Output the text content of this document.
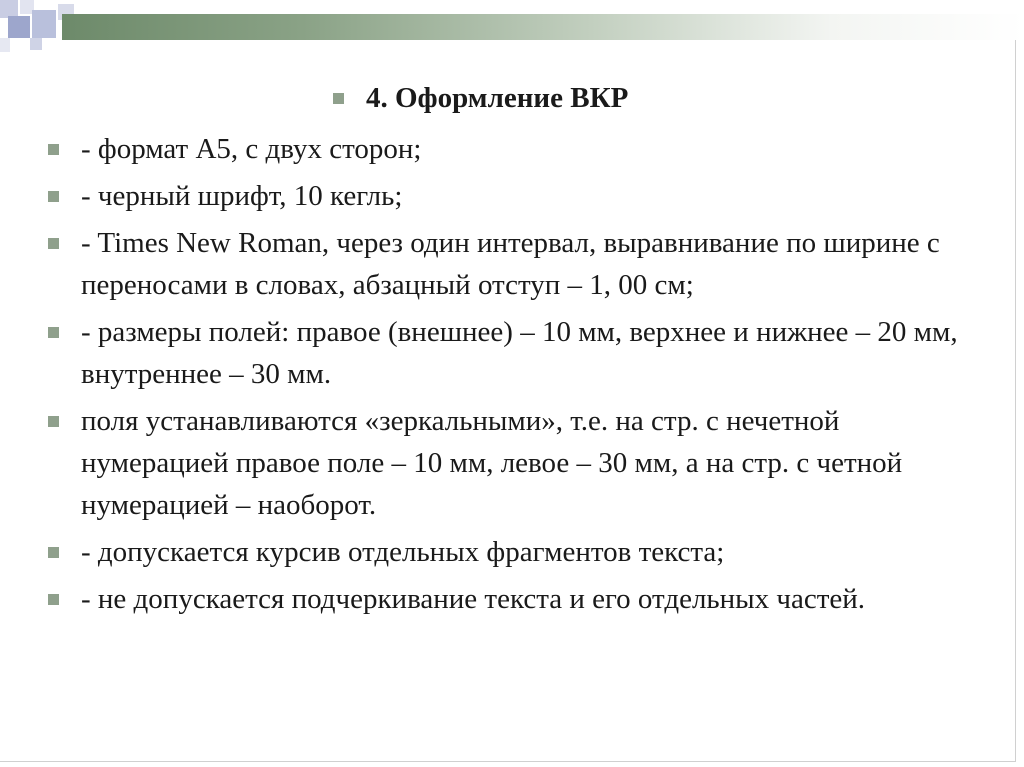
4. Оформление ВКР
- формат А5, с двух сторон;
- черный шрифт, 10 кегль;
- Times New Roman, через один интервал, выравнивание по ширине с переносами в словах, абзацный отступ – 1, 00 см;
- размеры полей: правое (внешнее) – 10 мм, верхнее и нижнее – 20 мм, внутреннее – 30 мм.
поля устанавливаются «зеркальными», т.е. на стр. с нечетной нумерацией правое поле – 10 мм, левое – 30 мм, а на стр. с четной нумерацией – наоборот.
- допускается курсив отдельных фрагментов текста;
- не допускается подчеркивание текста и его отдельных частей.
